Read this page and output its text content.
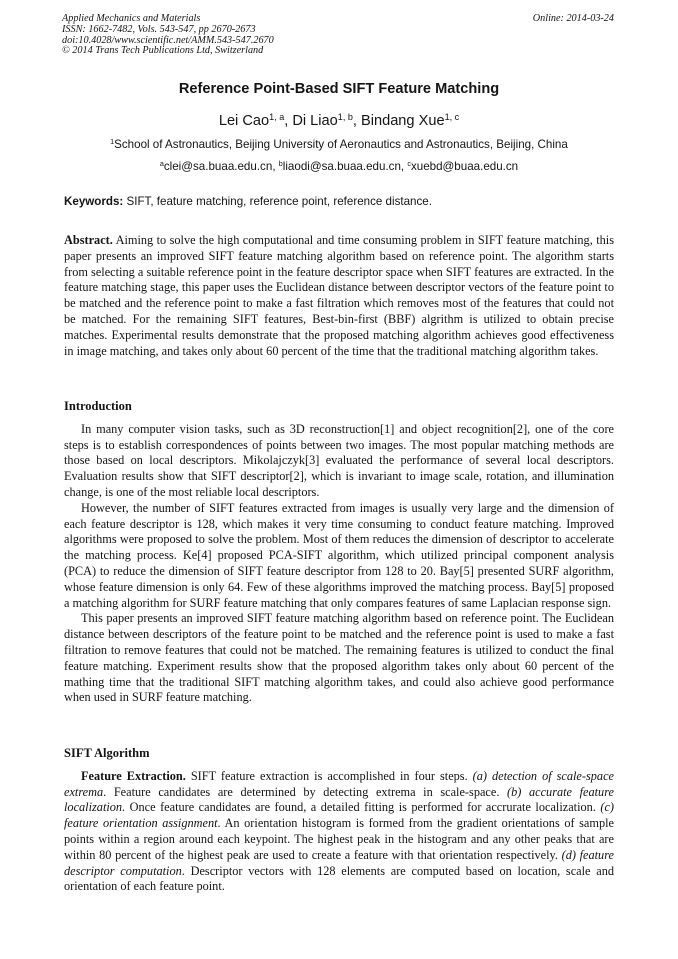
Applied Mechanics and Materials
ISSN: 1662-7482, Vols. 543-547, pp 2670-2673
doi:10.4028/www.scientific.net/AMM.543-547.2670
© 2014 Trans Tech Publications Ltd, Switzerland
Online: 2014-03-24
Reference Point-Based SIFT Feature Matching
Lei Cao$^{1, a}$, Di Liao$^{1, b}$, Bindang Xue$^{1, c}$
$^1$School of Astronautics, Beijing University of Aeronautics and Astronautics, Beijing, China
$^a$clei@sa.buaa.edu.cn, $^b$liaodi@sa.buaa.edu.cn, $^c$xuebd@buaa.edu.cn
Keywords: SIFT, feature matching, reference point, reference distance.

Abstract. Aiming to solve the high computational and time consuming problem in SIFT feature matching, this paper presents an improved SIFT feature matching algorithm based on reference point. The algorithm starts from selecting a suitable reference point in the feature descriptor space when SIFT features are extracted. In the feature matching stage, this paper uses the Euclidean distance between descriptor vectors of the feature point to be matched and the reference point to make a fast filtration which removes most of the features that could not be matched. For the remaining SIFT features, Best-bin-first (BBF) algrithm is utilized to obtain precise matches. Experimental results demonstrate that the proposed matching algorithm achieves good effectiveness in image matching, and takes only about 60 percent of the time that the traditional matching algorithm takes.

Introduction

In many computer vision tasks, such as 3D reconstruction[1] and object recognition[2], one of the core steps is to establish correspondences of points between two images. The most popular matching methods are those based on local descriptors. Mikolajczyk[3] evaluated the performance of several local descriptors. Evaluation results show that SIFT descriptor[2], which is invariant to image scale, rotation, and illumination change, is one of the most reliable local descriptors.

However, the number of SIFT features extracted from images is usually very large and the dimension of each feature descriptor is 128, which makes it very time consuming to conduct feature matching. Improved algorithms were proposed to solve the problem. Most of them reduces the dimension of descriptor to accelerate the matching process. Ke[4] proposed PCA-SIFT algorithm, which utilized principal component analysis (PCA) to reduce the dimension of SIFT feature descriptor from 128 to 20. Bay[5] presented SURF algorithm, whose feature dimension is only 64. Few of these algorithms improved the matching process. Bay[5] proposed a matching algorithm for SURF feature matching that only compares features of same Laplacian response sign.

This paper presents an improved SIFT feature matching algorithm based on reference point. The Euclidean distance between descriptors of the feature point to be matched and the reference point is used to make a fast filtration to remove features that could not be matched. The remaining features is utilized to conduct the final feature matching. Experiment results show that the proposed algorithm takes only about 60 percent of the mathing time that the traditional SIFT matching algorithm takes, and could also achieve good performance when used in SURF feature matching.

SIFT Algorithm

Feature Extraction. SIFT feature extraction is accomplished in four steps. (a) detection of scale-space extrema. Feature candidates are determined by detecting extrema in scale-space. (b) accurate feature localization. Once feature candidates are found, a detailed fitting is performed for accrurate localization. (c) feature orientation assignment. An orientation histogram is formed from the gradient orientations of sample points within a region around each keypoint. The highest peak in the histogram and any other peaks that are within 80 percent of the highest peak are used to create a feature with that orientation respectively. (d) feature descriptor computation. Descriptor vectors with 128 elements are computed based on location, scale and orientation of each feature point.
